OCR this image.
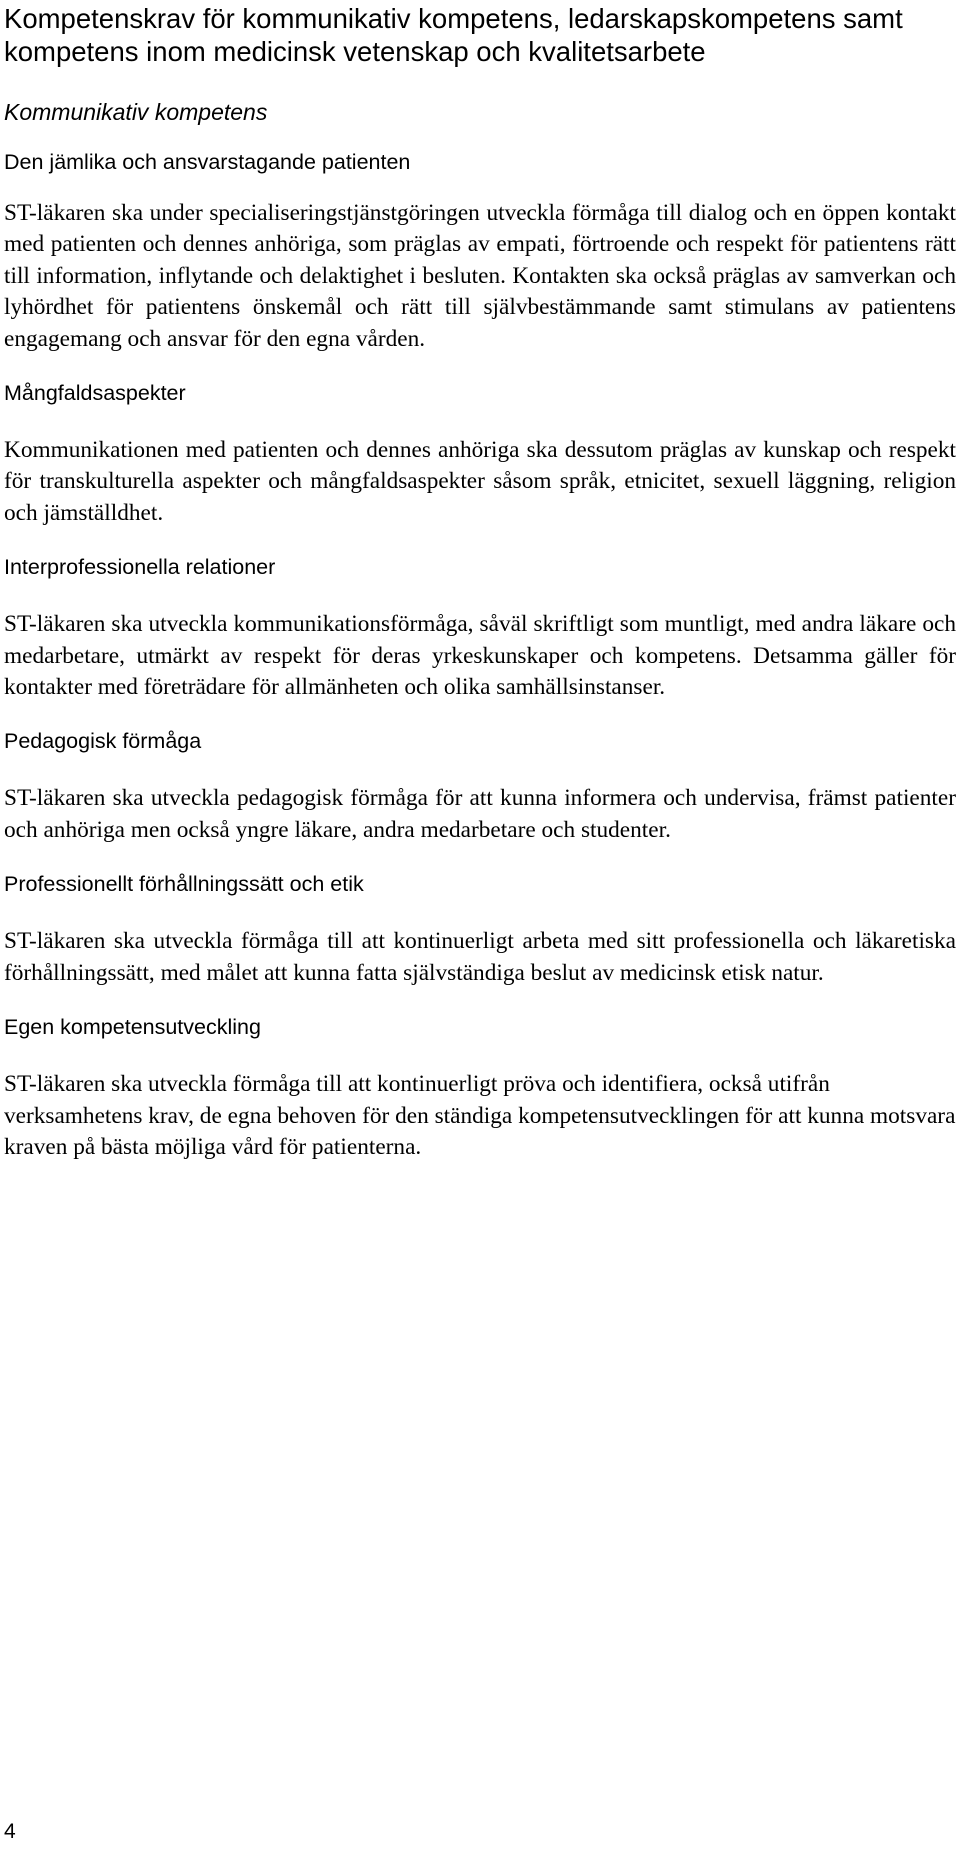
Kompetenskrav för kommunikativ kompetens, ledarskapskompetens samt kompetens inom medicinsk vetenskap och kvalitetsarbete
Kommunikativ kompetens
Den jämlika och ansvarstagande patienten

ST-läkaren ska under specialiseringstjänstgöringen utveckla förmåga till dialog och en öppen kontakt med patienten och dennes anhöriga, som präglas av empati, förtroende och respekt för patientens rätt till information, inflytande och delaktighet i besluten. Kontakten ska också präglas av samverkan och lyhördhet för patientens önskemål och rätt till självbestämmande samt stimulans av patientens engagemang och ansvar för den egna vården.

Mångfaldsaspekter

Kommunikationen med patienten och dennes anhöriga ska dessutom präglas av kunskap och respekt för transkulturella aspekter och mångfaldsaspekter såsom språk, etnicitet, sexuell läggning, religion och jämställdhet.

Interprofessionella relationer

ST-läkaren ska utveckla kommunikationsförmåga, såväl skriftligt som muntligt, med andra läkare och medarbetare, utmärkt av respekt för deras yrkeskunskaper och kompetens. Detsamma gäller för kontakter med företrädare för allmänheten och olika samhällsinstanser.

Pedagogisk förmåga

ST-läkaren ska utveckla pedagogisk förmåga för att kunna informera och undervisa, främst patienter och anhöriga men också yngre läkare, andra medarbetare och studenter.

Professionellt förhållningssätt och etik

ST-läkaren ska utveckla förmåga till att kontinuerligt arbeta med sitt professionella och läkaretiska förhållningssätt, med målet att kunna fatta självständiga beslut av medicinsk etisk natur.

Egen kompetensutveckling

ST-läkaren ska utveckla förmåga till att kontinuerligt pröva och identifiera, också utifrån verksamhetens krav, de egna behoven för den ständiga kompetensutvecklingen för att kunna motsvara kraven på bästa möjliga vård för patienterna.

4
